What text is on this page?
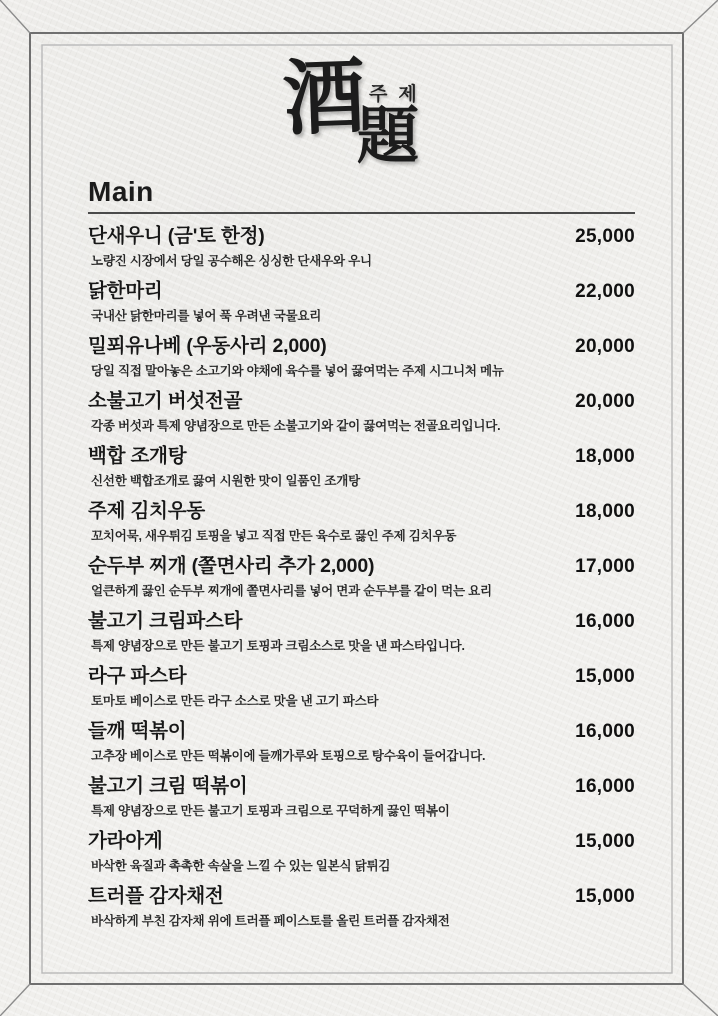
酒 주제
題
Main
단새우니 (금'토 한정)	25,000
노량진 시장에서 당일 공수해온 싱싱한 단새우와 우니
닭한마리	22,000
국내산 닭한마리를 넣어 푹 우려낸 국물요리
밀푀유나베 (우동사리 2,000)	20,000
당일 직접 말아놓은 소고기와 야채에 육수를 넣어 끓여먹는 주제 시그니처 메뉴
소불고기 버섯전골	20,000
각종 버섯과 특제 양념장으로 만든 소불고기와 같이 끓여먹는 전골요리입니다.
백합 조개탕	18,000
신선한 백합조개로 끓여 시원한 맛이 일품인 조개탕
주제 김치우동	18,000
꼬치어묵, 새우튀김 토핑을 넣고 직접 만든 육수로 끓인 주제 김치우동
순두부 찌개 (쫄면사리 추가 2,000)	17,000
얼큰하게 끓인 순두부 찌개에 쫄면사리를 넣어 면과 순두부를 같이 먹는 요리
불고기 크림파스타	16,000
특제 양념장으로 만든 불고기 토핑과 크림소스로 맛을 낸 파스타입니다.
라구 파스타	15,000
토마토 베이스로 만든 라구 소스로 맛을 낸 고기 파스타
들깨 떡볶이	16,000
고추장 베이스로 만든 떡볶이에 들깨가루와 토핑으로 탕수육이 들어갑니다.
불고기 크림 떡볶이	16,000
특제 양념장으로 만든 불고기 토핑과 크림으로 꾸덕하게 끓인 떡볶이
가라아게	15,000
바삭한 육질과 촉촉한 속살을 느낄 수 있는 일본식 닭튀김
트러플 감자채전	15,000
바삭하게 부친 감자채 위에 트러플 페이스토를 올린 트러플 감자채전
